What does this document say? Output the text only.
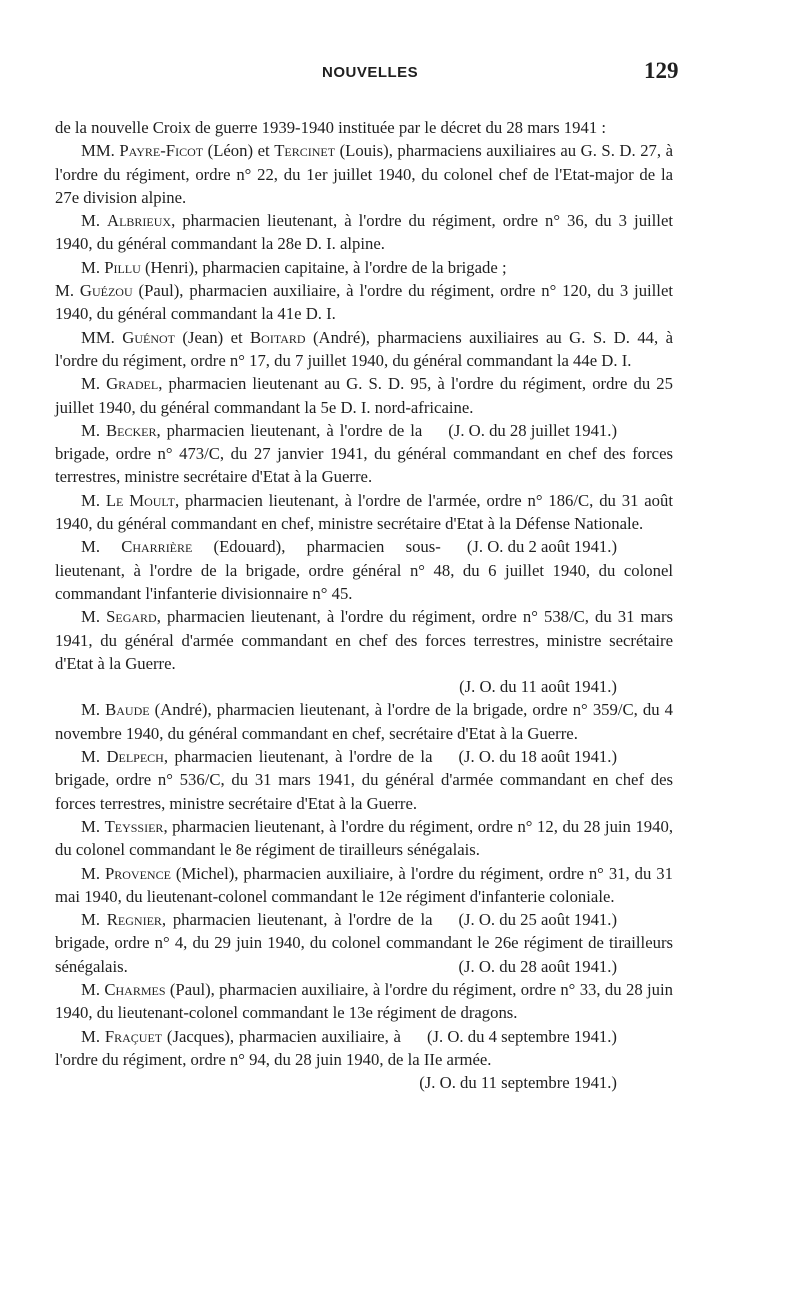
NOUVELLES	129

de la nouvelle Croix de guerre 1939-1940 instituée par le décret du 28 mars 1941 :

MM. Payre-Ficot (Léon) et Tercinet (Louis), pharmaciens auxiliaires au G. S. D. 27, à l'ordre du régiment, ordre n° 22, du 1er juillet 1940, du colonel chef de l'Etat-major de la 27e division alpine.

M. Albrieux, pharmacien lieutenant, à l'ordre du régiment, ordre n° 36, du 3 juillet 1940, du général commandant la 28e D. I. alpine.

M. Pillu (Henri), pharmacien capitaine, à l'ordre de la brigade ;

M. Guézou (Paul), pharmacien auxiliaire, à l'ordre du régiment, ordre n° 120, du 3 juillet 1940, du général commandant la 41e D. I.

MM. Guénot (Jean) et Boitard (André), pharmaciens auxiliaires au G. S. D. 44, à l'ordre du régiment, ordre n° 17, du 7 juillet 1940, du général commandant la 44e D. I.

M. Gradel, pharmacien lieutenant au G. S. D. 95, à l'ordre du régiment, ordre du 25 juillet 1940, du général commandant la 5e D. I. nord-africaine.
(J. O. du 28 juillet 1941.)

M. Becker, pharmacien lieutenant, à l'ordre de la brigade, ordre n° 473/C, du 27 janvier 1941, du général commandant en chef des forces terrestres, ministre secrétaire d'Etat à la Guerre.

M. Le Moult, pharmacien lieutenant, à l'ordre de l'armée, ordre n° 186/C, du 31 août 1940, du général commandant en chef, ministre secrétaire d'Etat à la Défense Nationale.
(J. O. du 2 août 1941.)

M. Charrière (Edouard), pharmacien sous-lieutenant, à l'ordre de la brigade, ordre général n° 48, du 6 juillet 1940, du colonel commandant l'infanterie divisionnaire n° 45.

M. Segard, pharmacien lieutenant, à l'ordre du régiment, ordre n° 538/C, du 31 mars 1941, du général d'armée commandant en chef des forces terrestres, ministre secrétaire d'Etat à la Guerre.
(J. O. du 11 août 1941.)

M. Baude (André), pharmacien lieutenant, à l'ordre de la brigade, ordre n° 359/C, du 4 novembre 1940, du général commandant en chef, secrétaire d'Etat à la Guerre.
(J. O. du 18 août 1941.)

M. Delpech, pharmacien lieutenant, à l'ordre de la brigade, ordre n° 536/C, du 31 mars 1941, du général d'armée commandant en chef des forces terrestres, ministre secrétaire d'Etat à la Guerre.

M. Teyssier, pharmacien lieutenant, à l'ordre du régiment, ordre n° 12, du 28 juin 1940, du colonel commandant le 8e régiment de tirailleurs sénégalais.

M. Provence (Michel), pharmacien auxiliaire, à l'ordre du régiment, ordre n° 31, du 31 mai 1940, du lieutenant-colonel commandant le 12e régiment d'infanterie coloniale.
(J. O. du 25 août 1941.)

M. Regnier, pharmacien lieutenant, à l'ordre de la brigade, ordre n° 4, du 29 juin 1940, du colonel commandant le 26e régiment de tirailleurs sénégalais.	(J. O. du 28 août 1941.)

M. Charmes (Paul), pharmacien auxiliaire, à l'ordre du régiment, ordre n° 33, du 28 juin 1940, du lieutenant-colonel commandant le 13e régiment de dragons.
(J. O. du 4 septembre 1941.)

M. Fraçuet (Jacques), pharmacien auxiliaire, à l'ordre du régiment, ordre n° 94, du 28 juin 1940, de la IIe armée.
(J. O. du 11 septembre 1941.)
